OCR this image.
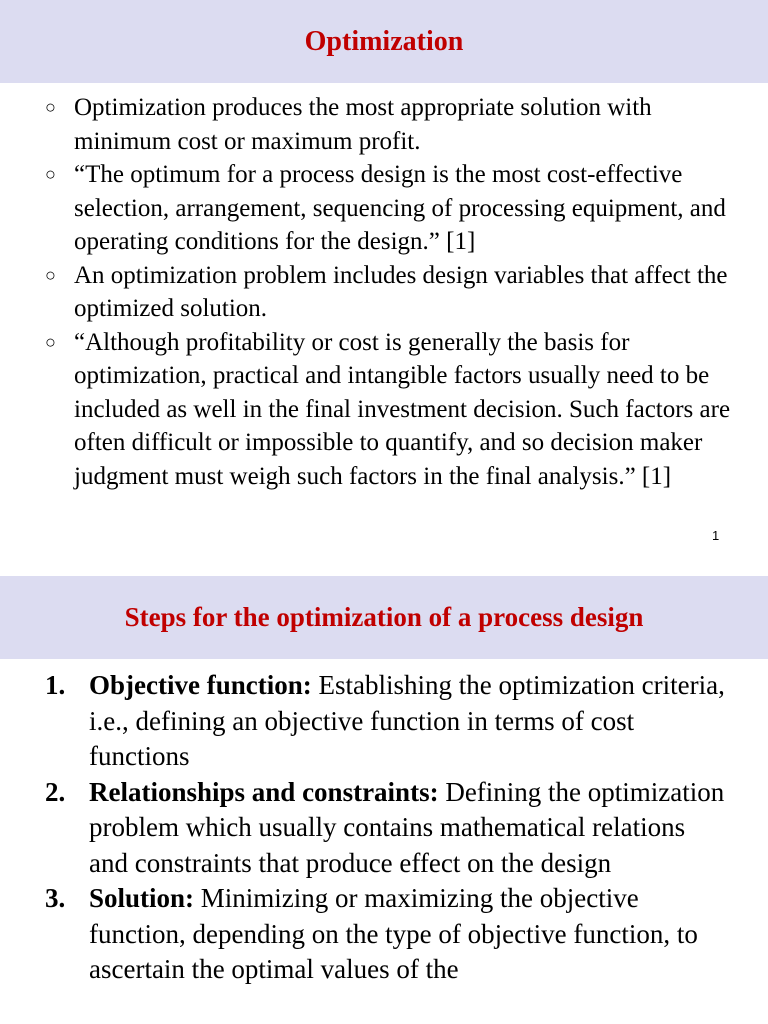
Optimization
○ Optimization produces the most appropriate solution with minimum cost or maximum profit.
○ “The optimum for a process design is the most cost-effective selection, arrangement, sequencing of processing equipment, and operating conditions for the design.” [1]
○ An optimization problem includes design variables that affect the optimized solution.
○ “Although profitability or cost is generally the basis for optimization, practical and intangible factors usually need to be included as well in the final investment decision. Such factors are often difficult or impossible to quantify, and so decision maker judgment must weigh such factors in the final analysis.” [1]
1
Steps for the optimization of a process design
1. Objective function: Establishing the optimization criteria, i.e., defining an objective function in terms of cost functions
2. Relationships and constraints: Defining the optimization problem which usually contains mathematical relations and constraints that produce effect on the design
3. Solution: Minimizing or maximizing the objective function, depending on the type of objective function, to ascertain the optimal values of the
